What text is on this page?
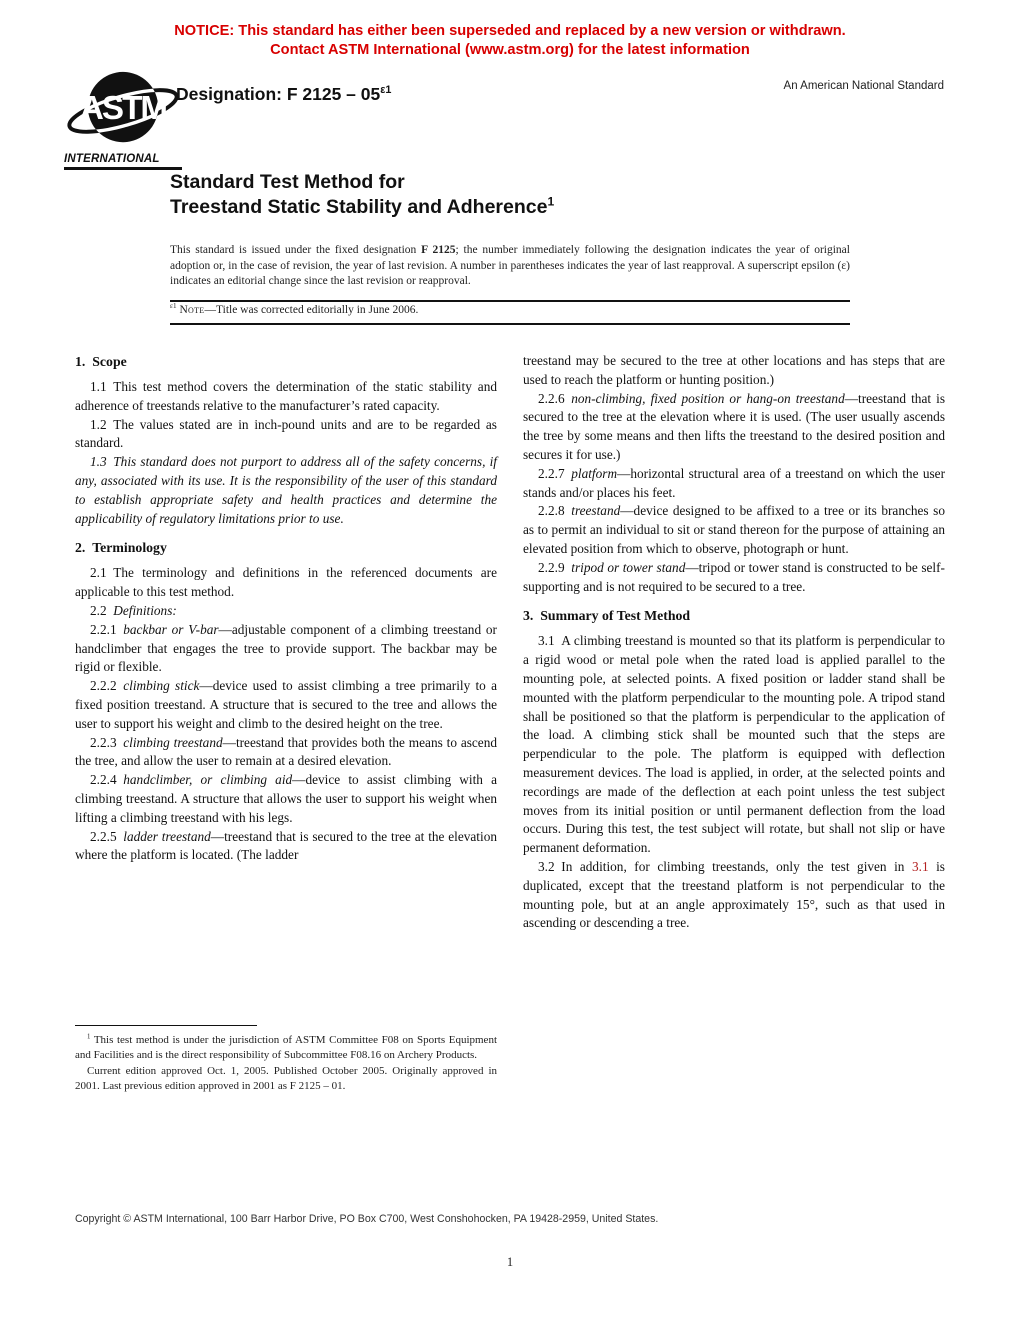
NOTICE: This standard has either been superseded and replaced by a new version or withdrawn.
Contact ASTM International (www.astm.org) for the latest information
ASTM
INTERNATIONAL
Designation: F $2125 - 05^{\varepsilon 1}$	An American National Standard
Standard Test Method for
Treestand Static Stability and Adherence$^1$
This standard is issued under the fixed designation F 2125; the number immediately following the designation indicates the year of original adoption or, in the case of revision, the year of last revision. A number in parentheses indicates the year of last reapproval. A superscript epsilon (ε) indicates an editorial change since the last revision or reapproval.
$^{\varepsilon 1}$ Note—Title was corrected editorially in June 2006.
1. Scope

1.1 This test method covers the determination of the static stability and adherence of treestands relative to the manufacturer’s rated capacity.

1.2 The values stated are in inch-pound units and are to be regarded as standard.

1.3 This standard does not purport to address all of the safety concerns, if any, associated with its use. It is the responsibility of the user of this standard to establish appropriate safety and health practices and determine the applicability of regulatory limitations prior to use.

2. Terminology

2.1 The terminology and definitions in the referenced documents are applicable to this test method.

2.2 Definitions:

2.2.1 backbar or V-bar—adjustable component of a climbing treestand or handclimber that engages the tree to provide support. The backbar may be rigid or flexible.

2.2.2 climbing stick—device used to assist climbing a tree primarily to a fixed position treestand. A structure that is secured to the tree and allows the user to support his weight and climb to the desired height on the tree.

2.2.3 climbing treestand—treestand that provides both the means to ascend the tree, and allow the user to remain at a desired elevation.

2.2.4 handclimber, or climbing aid—device to assist climbing with a climbing treestand. A structure that allows the user to support his weight when lifting a climbing treestand with his legs.

2.2.5 ladder treestand—treestand that is secured to the tree at the elevation where the platform is located. (The ladder

$^1$ This test method is under the jurisdiction of ASTM Committee F08 on Sports Equipment and Facilities and is the direct responsibility of Subcommittee F08.16 on Archery Products.

Current edition approved Oct. 1, 2005. Published October 2005. Originally approved in 2001. Last previous edition approved in 2001 as F 2125 – 01.

treestand may be secured to the tree at other locations and has steps that are used to reach the platform or hunting position.)

2.2.6 non-climbing, fixed position or hang-on treestand—treestand that is secured to the tree at the elevation where it is used. (The user usually ascends the tree by some means and then lifts the treestand to the desired position and secures it for use.)

2.2.7 platform—horizontal structural area of a treestand on which the user stands and/or places his feet.

2.2.8 treestand—device designed to be affixed to a tree or its branches so as to permit an individual to sit or stand thereon for the purpose of attaining an elevated position from which to observe, photograph or hunt.

2.2.9 tripod or tower stand—tripod or tower stand is constructed to be self-supporting and is not required to be secured to a tree.

3. Summary of Test Method

3.1 A climbing treestand is mounted so that its platform is perpendicular to a rigid wood or metal pole when the rated load is applied parallel to the mounting pole, at selected points. A fixed position or ladder stand shall be mounted with the platform perpendicular to the mounting pole. A tripod stand shall be positioned so that the platform is perpendicular to the application of the load. A climbing stick shall be mounted such that the steps are perpendicular to the pole. The platform is equipped with deflection measurement devices. The load is applied, in order, at the selected points and recordings are made of the deflection at each point unless the test subject moves from its initial position or until permanent deflection from the load occurs. During this test, the test subject will rotate, but shall not slip or have permanent deformation.

3.2 In addition, for climbing treestands, only the test given in 3.1 is duplicated, except that the treestand platform is not perpendicular to the mounting pole, but at an angle approximately 15°, such as that used in ascending or descending a tree.

Copyright © ASTM International, 100 Barr Harbor Drive, PO Box C700, West Conshohocken, PA 19428-2959, United States.
1
